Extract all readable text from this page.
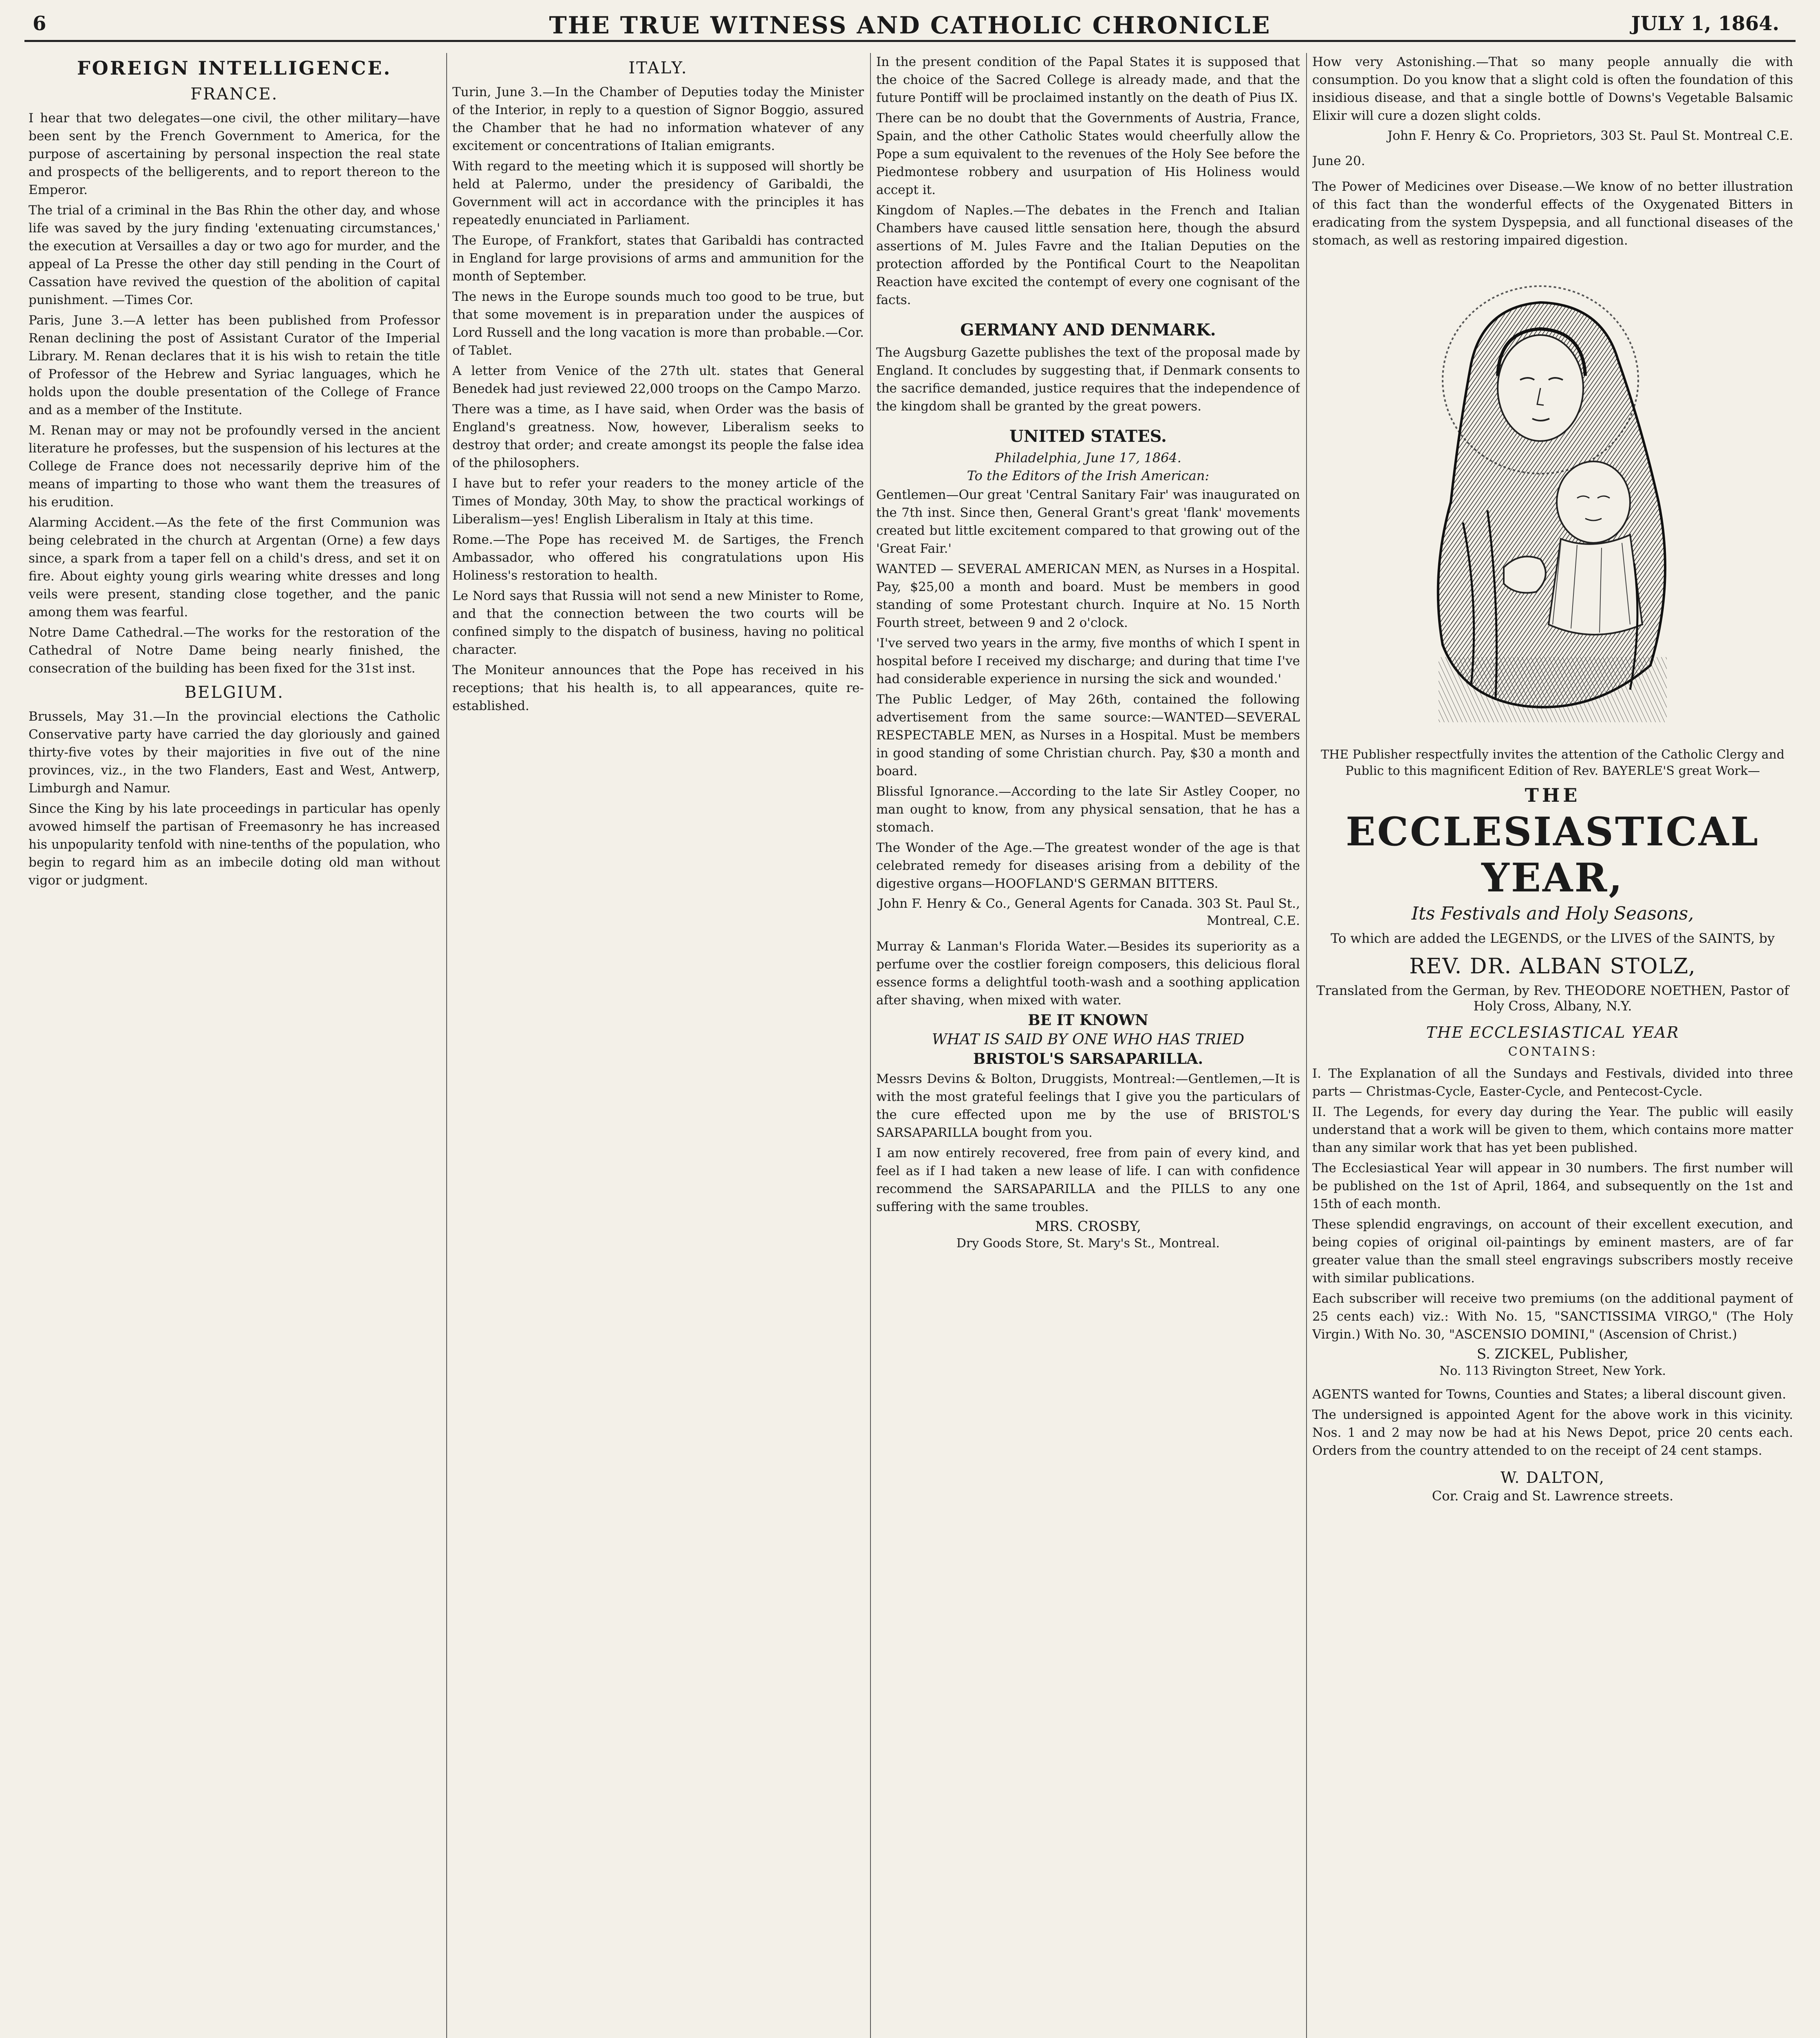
6	THE TRUE WITNESS AND CATHOLIC CHRONICLE	JULY 1, 1864.
FOREIGN INTELLIGENCE.
FRANCE.

I hear that two delegates—one civil, the other military—have been sent by the French Government to America, for the purpose of ascertaining by personal inspection the real state and prospects of the belligerents, and to report thereon to the Emperor.

The trial of a criminal in the Bas Rhin the other day, and whose life was saved by the jury finding 'extenuating circumstances,' the execution at Versailles a day or two ago for murder, and the appeal of La Presse the other day still pending in the Court of Cassation have revived the question of the abolition of capital punishment. —Times Cor.

Paris, June 3.—A letter has been published from Professor Renan declining the post of Assistant Curator of the Imperial Library. M. Renan declares that it is his wish to retain the title of Professor of the Hebrew and Syriac languages, which he holds upon the double presentation of the College of France and as a member of the Institute.

M. Renan may or may not be profoundly versed in the ancient literature he professes, but the suspension of his lectures at the College de France does not necessarily deprive him of the means of imparting to those who want them the treasures of his erudition.

Alarming Accident.—As the fete of the first Communion was being celebrated in the church at Argentan (Orne) a few days since, a spark from a taper fell on a child's dress, and set it on fire. About eighty young girls wearing white dresses and long veils were present, standing close together, and the panic among them was fearful.

Notre Dame Cathedral.—The works for the restoration of the Cathedral of Notre Dame being nearly finished, the consecration of the building has been fixed for the 31st inst.

BELGIUM.

Brussels, May 31.—In the provincial elections the Catholic Conservative party have carried the day gloriously and gained thirty-five votes by their majorities in five out of the nine provinces, viz., in the two Flanders, East and West, Antwerp, Limburgh and Namur.

Since the King by his late proceedings in particular has openly avowed himself the partisan of Freemasonry he has increased his unpopularity tenfold with nine-tenths of the population, who begin to regard him as an imbecile doting old man without vigor or judgment.

ITALY.

Turin, June 3.—In the Chamber of Deputies today the Minister of the Interior, in reply to a question of Signor Boggio, assured the Chamber that he had no information whatever of any excitement or concentrations of Italian emigrants.

With regard to the meeting which it is supposed will shortly be held at Palermo, under the presidency of Garibaldi, the Government will act in accordance with the principles it has repeatedly enunciated in Parliament.

The Europe, of Frankfort, states that Garibaldi has contracted in England for large provisions of arms and ammunition for the month of September.

The news in the Europe sounds much too good to be true, but that some movement is in preparation under the auspices of Lord Russell and the long vacation is more than probable.—Cor. of Tablet.

A letter from Venice of the 27th ult. states that General Benedek had just reviewed 22,000 troops on the Campo Marzo.

There was a time, as I have said, when Order was the basis of England's greatness. Now, however, Liberalism seeks to destroy that order; and create amongst its people the false idea of the philosophers.

I have but to refer your readers to the money article of the Times of Monday, 30th May, to show the practical workings of Liberalism—yes! English Liberalism in Italy at this time.

Rome.—The Pope has received M. de Sartiges, the French Ambassador, who offered his congratulations upon His Holiness's restoration to health.

Le Nord says that Russia will not send a new Minister to Rome, and that the connection between the two courts will be confined simply to the dispatch of business, having no political character.

The Moniteur announces that the Pope has received in his receptions; that his health is, to all appearances, quite re-established.

In the present condition of the Papal States it is supposed that the choice of the Sacred College is already made, and that the future Pontiff will be proclaimed instantly on the death of Pius IX.

There can be no doubt that the Governments of Austria, France, Spain, and the other Catholic States would cheerfully allow the Pope a sum equivalent to the revenues of the Holy See before the Piedmontese robbery and usurpation of His Holiness would accept it.

Kingdom of Naples.—The debates in the French and Italian Chambers have caused little sensation here, though the absurd assertions of M. Jules Favre and the Italian Deputies on the protection afforded by the Pontifical Court to the Neapolitan Reaction have excited the contempt of every one cognisant of the facts.

GERMANY AND DENMARK.

The Augsburg Gazette publishes the text of the proposal made by England. It concludes by suggesting that, if Denmark consents to the sacrifice demanded, justice requires that the independence of the kingdom shall be granted by the great powers.

UNITED STATES.
Philadelphia, June 17, 1864.
To the Editors of the Irish American:

Gentlemen—Our great 'Central Sanitary Fair' was inaugurated on the 7th inst. Since then, General Grant's great 'flank' movements created but little excitement compared to that growing out of the 'Great Fair.'

WANTED — SEVERAL AMERICAN MEN, as Nurses in a Hospital. Pay, $25,00 a month and board. Must be members in good standing of some Protestant church. Inquire at No. 15 North Fourth street, between 9 and 2 o'clock.

'I've served two years in the army, five months of which I spent in hospital before I received my discharge; and during that time I've had considerable experience in nursing the sick and wounded.'

The Public Ledger, of May 26th, contained the following advertisement from the same source:—WANTED—SEVERAL RESPECTABLE MEN, as Nurses in a Hospital. Must be members in good standing of some Christian church. Pay, $30 a month and board.

Blissful Ignorance.—According to the late Sir Astley Cooper, no man ought to know, from any physical sensation, that he has a stomach.

The Wonder of the Age.—The greatest wonder of the age is that celebrated remedy for diseases arising from a debility of the digestive organs—HOOFLAND'S GERMAN BITTERS.

John F. Henry & Co., General Agents for Canada. 303 St. Paul St., Montreal, C.E.

Murray & Lanman's Florida Water.—Besides its superiority as a perfume over the costlier foreign composers, this delicious floral essence forms a delightful tooth-wash and a soothing application after shaving, when mixed with water.

BE IT KNOWN
WHAT IS SAID BY ONE WHO HAS TRIED
BRISTOL'S SARSAPARILLA.

Messrs Devins & Bolton, Druggists, Montreal:—Gentlemen,—It is with the most grateful feelings that I give you the particulars of the cure effected upon me by the use of BRISTOL'S SARSAPARILLA bought from you.

I am now entirely recovered, free from pain of every kind, and feel as if I had taken a new lease of life. I can with confidence recommend the SARSAPARILLA and the PILLS to any one suffering with the same troubles.

MRS. CROSBY,
Dry Goods Store, St. Mary's St., Montreal.

How very Astonishing.—That so many people annually die with consumption. Do you know that a slight cold is often the foundation of this insidious disease, and that a single bottle of Downs's Vegetable Balsamic Elixir will cure a dozen slight colds.

John F. Henry & Co. Proprietors, 303 St. Paul St. Montreal C.E.
June 20.

The Power of Medicines over Disease.—We know of no better illustration of this fact than the wonderful effects of the Oxygenated Bitters in eradicating from the system Dyspepsia, and all functional diseases of the stomach, as well as restoring impaired digestion.

THE Publisher respectfully invites the attention of the Catholic Clergy and Public to this magnificent Edition of Rev. BAYERLE'S great Work—
THE
ECCLESIASTICAL YEAR,
Its Festivals and Holy Seasons,
To which are added the LEGENDS, or the LIVES of the SAINTS, by
REV. DR. ALBAN STOLZ,
Translated from the German, by Rev. THEODORE NOETHEN, Pastor of Holy Cross, Albany, N.Y.
THE ECCLESIASTICAL YEAR
CONTAINS:

I. The Explanation of all the Sundays and Festivals, divided into three parts — Christmas-Cycle, Easter-Cycle, and Pentecost-Cycle.

II. The Legends, for every day during the Year. The public will easily understand that a work will be given to them, which contains more matter than any similar work that has yet been published.

The Ecclesiastical Year will appear in 30 numbers. The first number will be published on the 1st of April, 1864, and subsequently on the 1st and 15th of each month.

These splendid engravings, on account of their excellent execution, and being copies of original oil-paintings by eminent masters, are of far greater value than the small steel engravings subscribers mostly receive with similar publications.

Each subscriber will receive two premiums (on the additional payment of 25 cents each) viz.: With No. 15, "SANCTISSIMA VIRGO," (The Holy Virgin.) With No. 30, "ASCENSIO DOMINI," (Ascension of Christ.)

S. ZICKEL, Publisher,
No. 113 Rivington Street, New York.

AGENTS wanted for Towns, Counties and States; a liberal discount given.

The undersigned is appointed Agent for the above work in this vicinity. Nos. 1 and 2 may now be had at his News Depot, price 20 cents each. Orders from the country attended to on the receipt of 24 cent stamps.

W. DALTON,
Cor. Craig and St. Lawrence streets.
